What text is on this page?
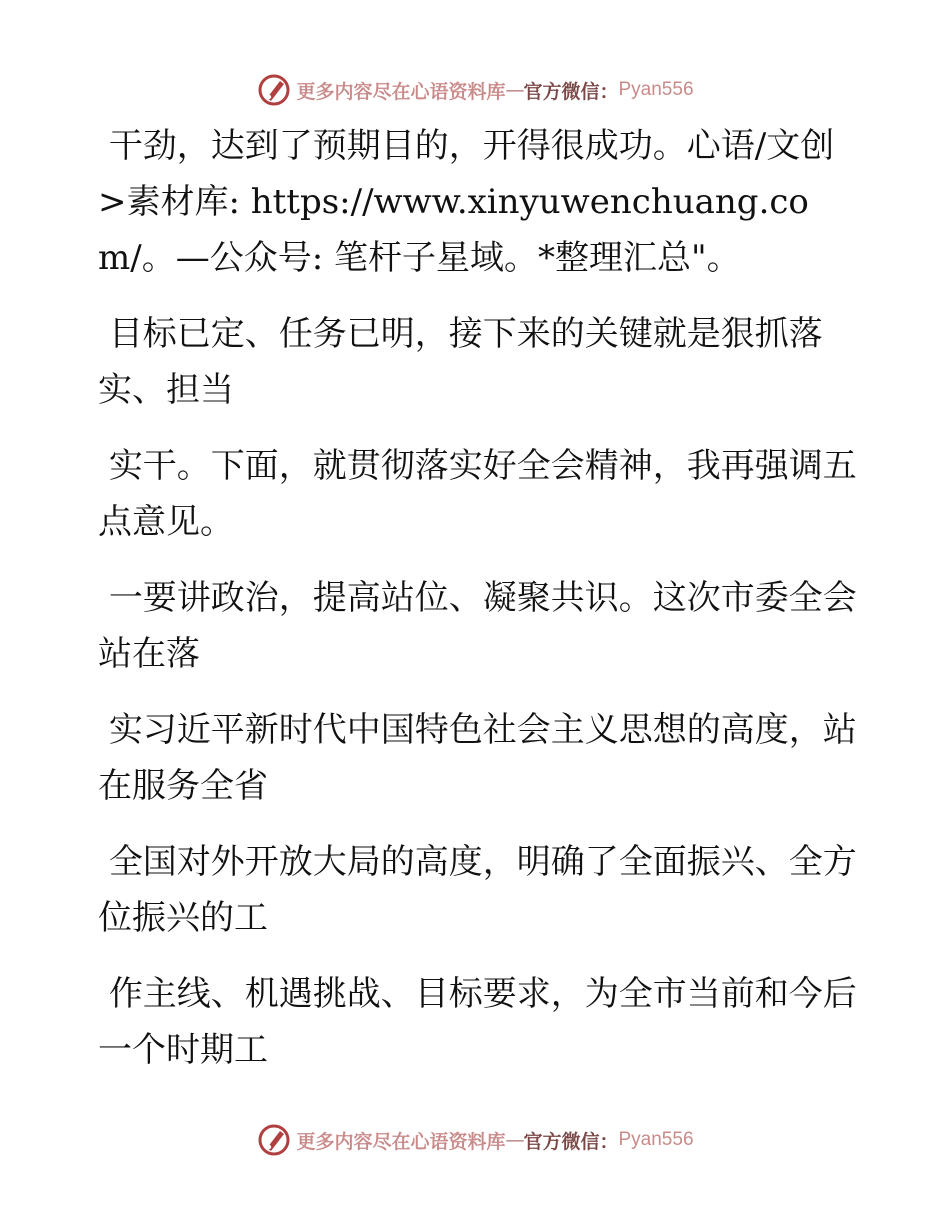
更多内容尽在心语资料库 — 官方微信： Pyan556

干劲，达到了预期目的，开得很成功。心语/文创>素材库: https://www.xinyuwenchuang.com/。—公众号: 笔杆子星域。*整理汇总"。

目标已定、任务已明，接下来的关键就是狠抓落实、担当

实干。下面，就贯彻落实好全会精神，我再强调五点意见。

一要讲政治，提高站位、凝聚共识。这次市委全会站在落

实习近平新时代中国特色社会主义思想的高度，站在服务全省

全国对外开放大局的高度，明确了全面振兴、全方位振兴的工

作主线、机遇挑战、目标要求，为全市当前和今后一个时期工

更多内容尽在心语资料库 — 官方微信： Pyan556
